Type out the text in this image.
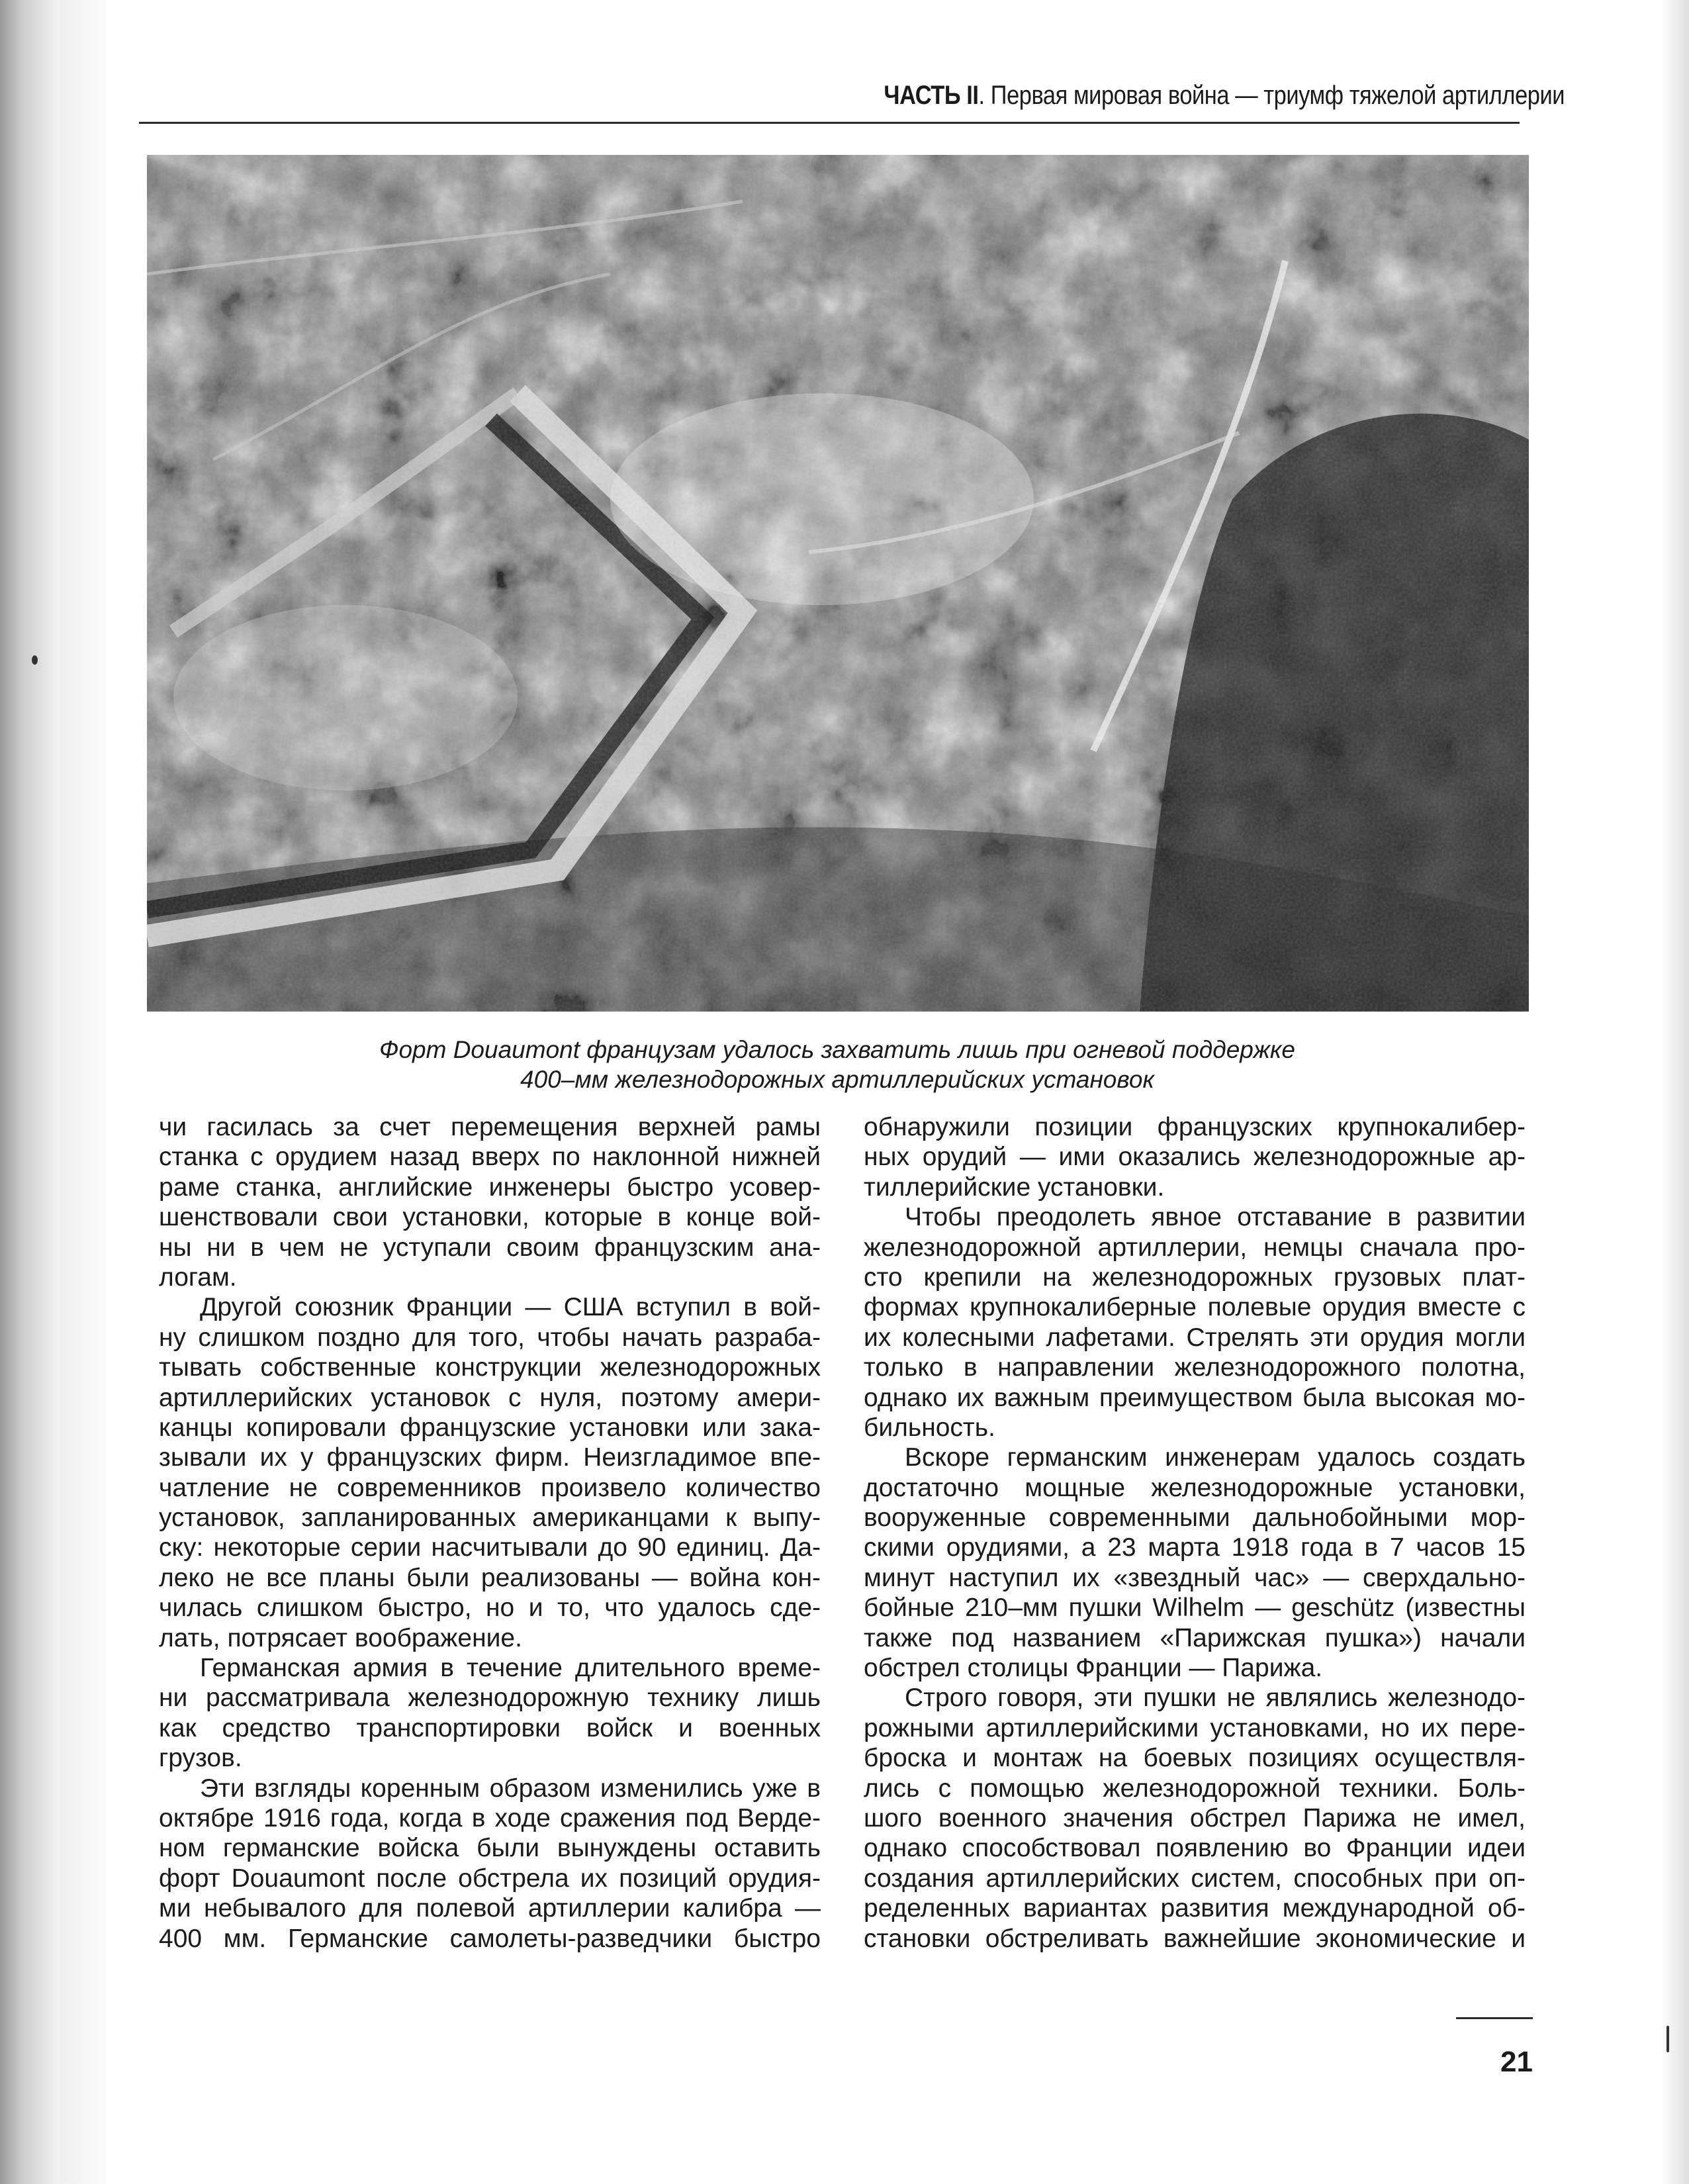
ЧАСТЬ II. Первая мировая война — триумф тяжелой артиллерии
Форт Douaumont французам удалось захватить лишь при огневой поддержке
400–мм железнодорожных артиллерийских установок
чи гасилась за счет перемещения верхней рамы
станка с орудием назад вверх по наклонной нижней
раме станка, английские инженеры быстро усовер-
шенствовали свои установки, которые в конце вой-
ны ни в чем не уступали своим французским ана-
логам.
Другой союзник Франции — США вступил в вой-
ну слишком поздно для того, чтобы начать разраба-
тывать собственные конструкции железнодорожных
артиллерийских установок с нуля, поэтому амери-
канцы копировали французские установки или зака-
зывали их у французских фирм. Неизгладимое впе-
чатление не современников произвело количество
установок, запланированных американцами к выпу-
ску: некоторые серии насчитывали до 90 единиц. Да-
леко не все планы были реализованы — война кон-
чилась слишком быстро, но и то, что удалось сде-
лать, потрясает воображение.
Германская армия в течение длительного време-
ни рассматривала железнодорожную технику лишь
как средство транспортировки войск и военных
грузов.
Эти взгляды коренным образом изменились уже в
октябре 1916 года, когда в ходе сражения под Верде-
ном германские войска были вынуждены оставить
форт Douaumont после обстрела их позиций орудия-
ми небывалого для полевой артиллерии калибра —
400 мм. Германские самолеты-разведчики быстро
обнаружили позиции французских крупнокалибер-
ных орудий — ими оказались железнодорожные ар-
тиллерийские установки.
Чтобы преодолеть явное отставание в развитии
железнодорожной артиллерии, немцы сначала про-
сто крепили на железнодорожных грузовых плат-
формах крупнокалиберные полевые орудия вместе с
их колесными лафетами. Стрелять эти орудия могли
только в направлении железнодорожного полотна,
однако их важным преимуществом была высокая мо-
бильность.
Вскоре германским инженерам удалось создать
достаточно мощные железнодорожные установки,
вооруженные современными дальнобойными мор-
скими орудиями, а 23 марта 1918 года в 7 часов 15
минут наступил их «звездный час» — сверхдально-
бойные 210–мм пушки Wilhelm — geschütz (известны
также под названием «Парижская пушка») начали
обстрел столицы Франции — Парижа.
Строго говоря, эти пушки не являлись железнодо-
рожными артиллерийскими установками, но их пере-
броска и монтаж на боевых позициях осуществля-
лись с помощью железнодорожной техники. Боль-
шого военного значения обстрел Парижа не имел,
однако способствовал появлению во Франции идеи
создания артиллерийских систем, способных при оп-
ределенных вариантах развития международной об-
становки обстреливать важнейшие экономические и
21
